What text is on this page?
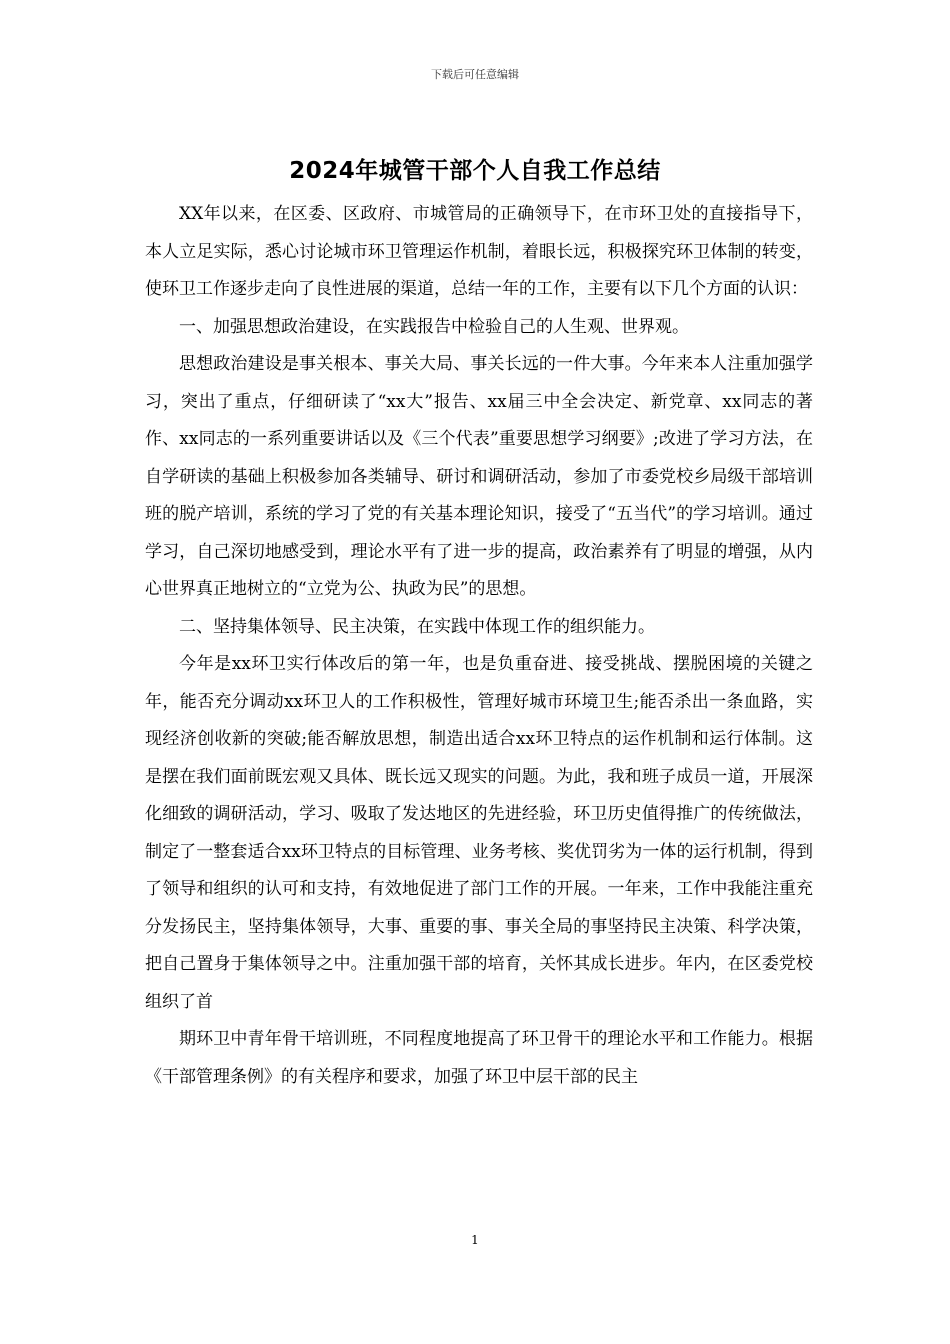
下载后可任意编辑
2024年城管干部个人自我工作总结

XX年以来，在区委、区政府、市城管局的正确领导下，在市环卫处的直接指导下，本人立足实际，悉心讨论城市环卫管理运作机制，着眼长远，积极探究环卫体制的转变，使环卫工作逐步走向了良性进展的渠道，总结一年的工作，主要有以下几个方面的认识：

一、加强思想政治建设，在实践报告中检验自己的人生观、世界观。

思想政治建设是事关根本、事关大局、事关长远的一件大事。今年来本人注重加强学习，突出了重点，仔细研读了“xx大”报告、xx届三中全会决定、新党章、xx同志的著作、xx同志的一系列重要讲话以及《三个代表”重要思想学习纲要》;改进了学习方法，在自学研读的基础上积极参加各类辅导、研讨和调研活动，参加了市委党校乡局级干部培训班的脱产培训，系统的学习了党的有关基本理论知识，接受了“五当代”的学习培训。通过学习，自己深切地感受到，理论水平有了进一步的提高，政治素养有了明显的增强，从内心世界真正地树立的“立党为公、执政为民”的思想。

二、坚持集体领导、民主决策，在实践中体现工作的组织能力。

今年是xx环卫实行体改后的第一年，也是负重奋进、接受挑战、摆脱困境的关键之年，能否充分调动xx环卫人的工作积极性，管理好城市环境卫生;能否杀出一条血路，实现经济创收新的突破;能否解放思想，制造出适合xx环卫特点的运作机制和运行体制。这是摆在我们面前既宏观又具体、既长远又现实的问题。为此，我和班子成员一道，开展深化细致的调研活动，学习、吸取了发达地区的先进经验，环卫历史值得推广的传统做法，制定了一整套适合xx环卫特点的目标管理、业务考核、奖优罚劣为一体的运行机制，得到了领导和组织的认可和支持，有效地促进了部门工作的开展。一年来，工作中我能注重充分发扬民主，坚持集体领导，大事、重要的事、事关全局的事坚持民主决策、科学决策，把自己置身于集体领导之中。注重加强干部的培育，关怀其成长进步。年内，在区委党校组织了首

期环卫中青年骨干培训班，不同程度地提高了环卫骨干的理论水平和工作能力。根据《干部管理条例》的有关程序和要求，加强了环卫中层干部的民主

1
